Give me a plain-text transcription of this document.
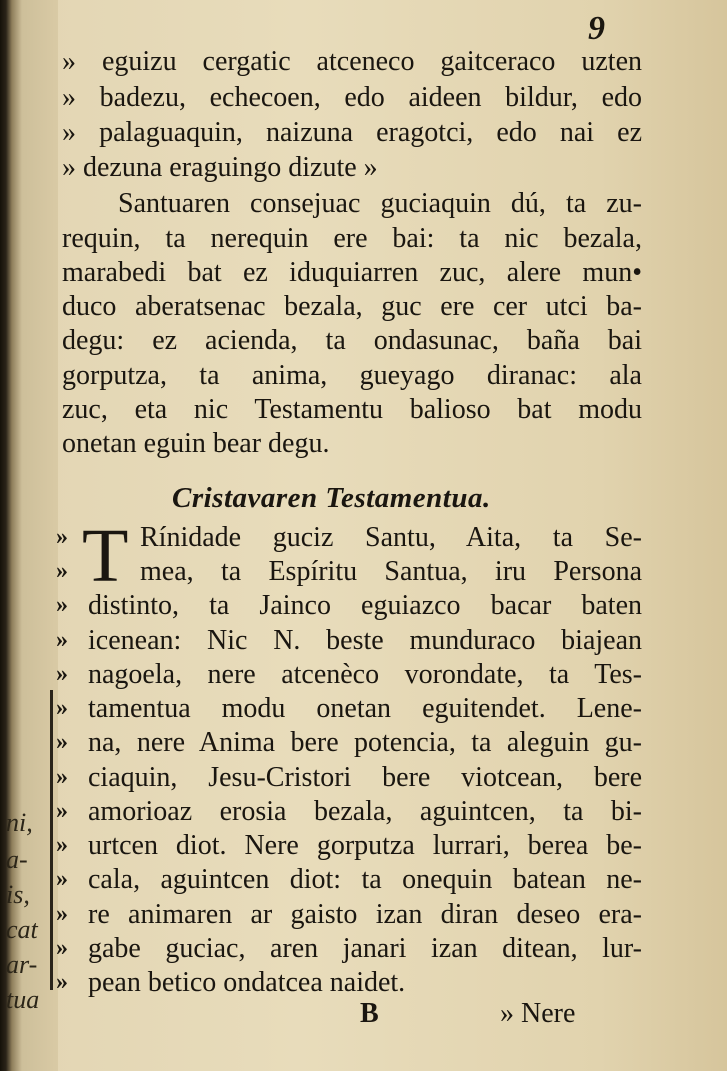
ni,
a-
is,
cat
ar-
tua
9
» eguizu cergatic atceneco gaitceraco uzten
» badezu, echecoen, edo aideen bildur, edo
» palaguaquin, naizuna eragotci, edo nai ez
» dezuna eraguingo dizute »
Santuaren consejuac guciaquin dú, ta zu-
requin, ta nerequin ere bai: ta nic bezala,
marabedi bat ez iduquiarren zuc, alere mun•
duco aberatsenac bezala, guc ere cer utci ba-
degu: ez acienda, ta ondasunac, baña bai
gorputza, ta anima, gueyago diranac: ala
zuc, eta nic Testamentu balioso bat modu
onetan eguin bear degu.
Cristavaren Testamentua.
T
»
»
»
»
»
»
»
»
»
»
»
»
»
»
Rínidade guciz Santu, Aita, ta Se-
mea, ta Espíritu Santua, iru Persona
distinto, ta Jainco eguiazco bacar baten
icenean: Nic N. beste munduraco biajean
nagoela, nere atcenèco vorondate, ta Tes-
tamentua modu onetan eguitendet. Lene-
na, nere Anima bere potencia, ta aleguin gu-
ciaquin, Jesu-Cristori bere viotcean, bere
amorioaz erosia bezala, aguintcen, ta bi-
urtcen diot. Nere gorputza lurrari, berea be-
cala, aguintcen diot: ta onequin batean ne-
re animaren ar gaisto izan diran deseo era-
gabe guciac, aren janari izan ditean, lur-
pean betico ondatcea naidet.
B	» Nere
